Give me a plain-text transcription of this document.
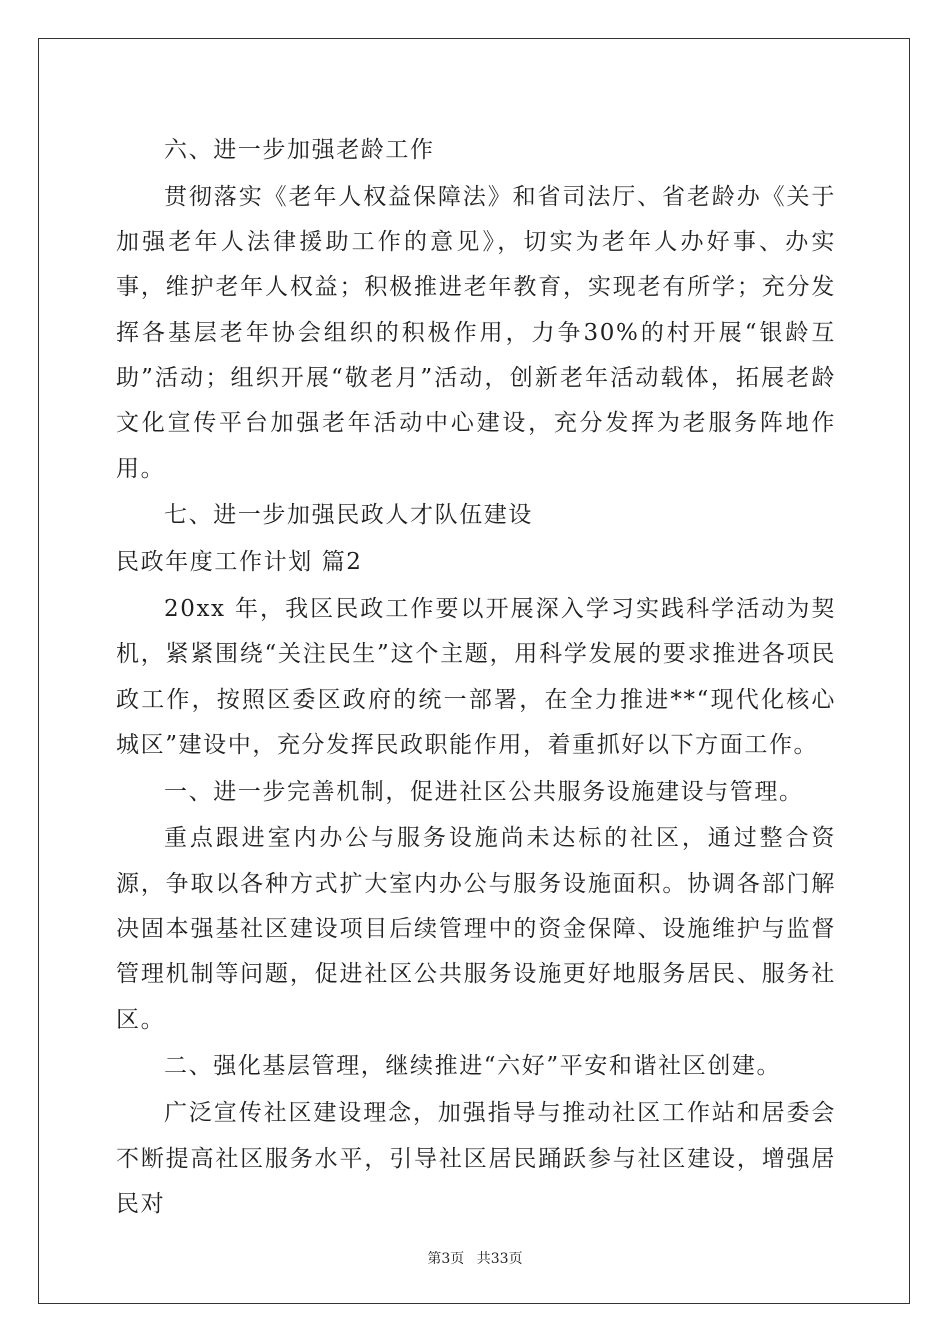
六、进一步加强老龄工作

贯彻落实《老年人权益保障法》和省司法厅、省老龄办《关于加强老年人法律援助工作的意见》，切实为老年人办好事、办实事，维护老年人权益；积极推进老年教育，实现老有所学；充分发挥各基层老年协会组织的积极作用，力争30%的村开展“银龄互助”活动；组织开展“敬老月”活动，创新老年活动载体，拓展老龄文化宣传平台加强老年活动中心建设，充分发挥为老服务阵地作用。

七、进一步加强民政人才队伍建设

民政年度工作计划 篇2

20xx 年，我区民政工作要以开展深入学习实践科学活动为契机，紧紧围绕“关注民生”这个主题，用科学发展的要求推进各项民政工作，按照区委区政府的统一部署，在全力推进**“现代化核心城区”建设中，充分发挥民政职能作用，着重抓好以下方面工作。

一、进一步完善机制，促进社区公共服务设施建设与管理。

重点跟进室内办公与服务设施尚未达标的社区，通过整合资源，争取以各种方式扩大室内办公与服务设施面积。协调各部门解决固本强基社区建设项目后续管理中的资金保障、设施维护与监督管理机制等问题，促进社区公共服务设施更好地服务居民、服务社区。

二、强化基层管理，继续推进“六好”平安和谐社区创建。

广泛宣传社区建设理念，加强指导与推动社区工作站和居委会不断提高社区服务水平，引导社区居民踊跃参与社区建设，增强居民对

第3页 共33页
